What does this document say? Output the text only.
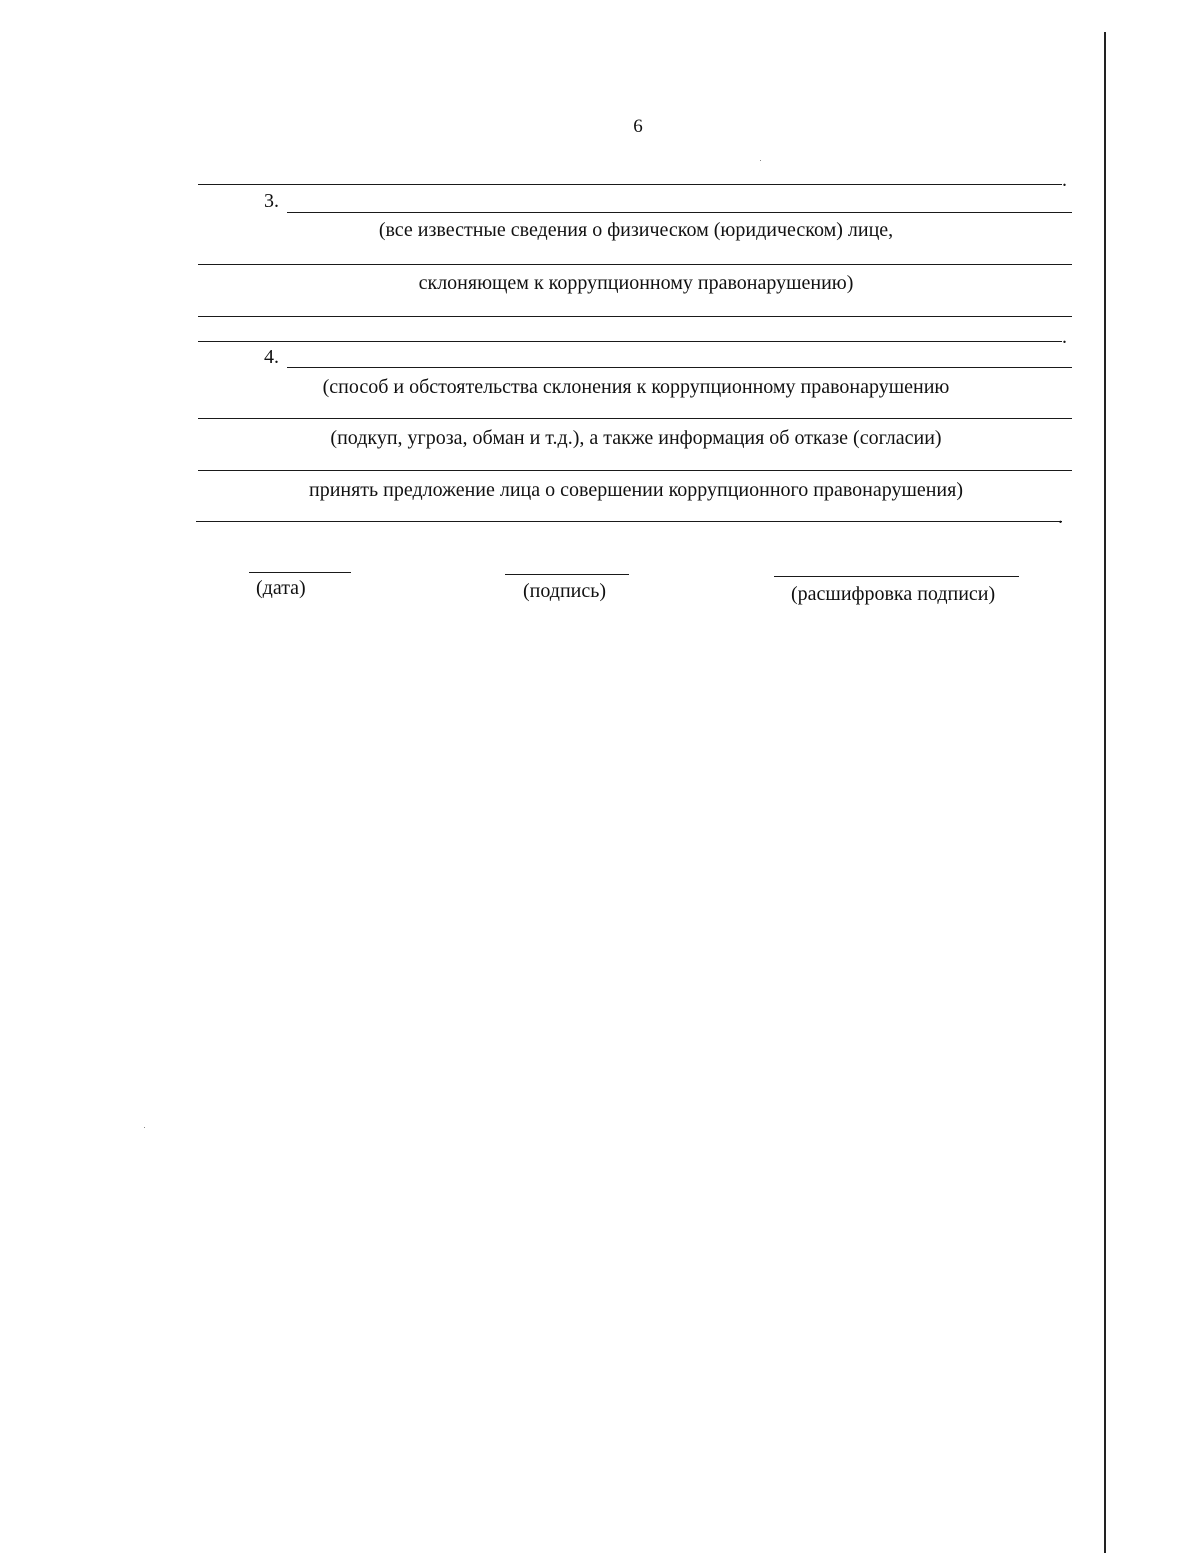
6
.
3.
(все известные сведения о физическом (юридическом) лице,
склоняющем к коррупционному правонарушению)
.
4.
(способ и обстоятельства склонения к коррупционному правонарушению
(подкуп, угроза, обман и т.д.), а также информация об отказе (согласии)
принять предложение лица о совершении коррупционного правонарушения)
.
(дата)	(подпись)	(расшифровка подписи)
